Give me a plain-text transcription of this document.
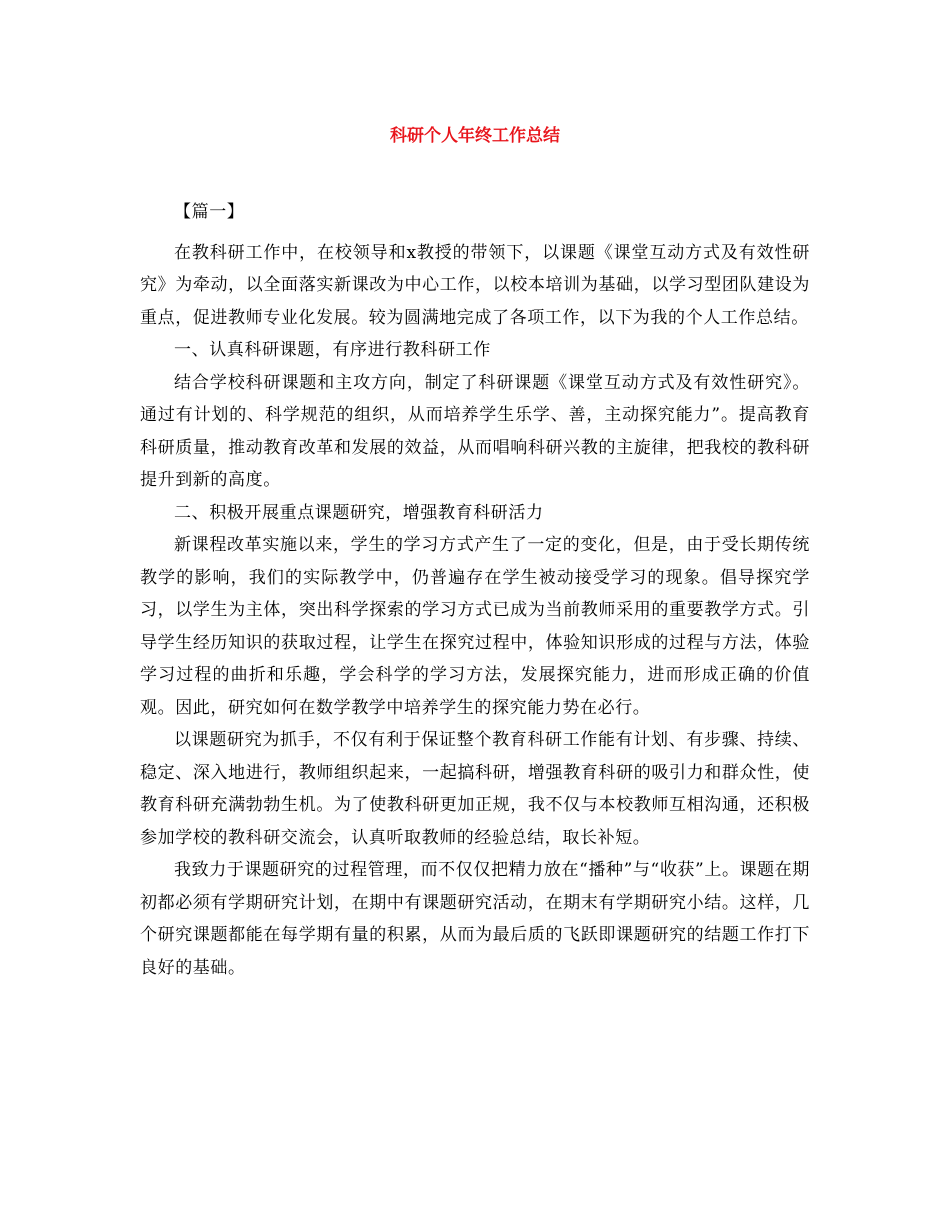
科研个人年终工作总结

【篇一】

在教科研工作中，在校领导和x教授的带领下，以课题《课堂互动方式及有效性研究》为牵动，以全面落实新课改为中心工作，以校本培训为基础，以学习型团队建设为重点，促进教师专业化发展。较为圆满地完成了各项工作，以下为我的个人工作总结。

一、认真科研课题，有序进行教科研工作

结合学校科研课题和主攻方向，制定了科研课题《课堂互动方式及有效性研究》。通过有计划的、科学规范的组织，从而培养学生乐学、善，主动探究能力”。提高教育科研质量，推动教育改革和发展的效益，从而唱响科研兴教的主旋律，把我校的教科研提升到新的高度。

二、积极开展重点课题研究，增强教育科研活力

新课程改革实施以来，学生的学习方式产生了一定的变化，但是，由于受长期传统教学的影响，我们的实际教学中，仍普遍存在学生被动接受学习的现象。倡导探究学习，以学生为主体，突出科学探索的学习方式已成为当前教师采用的重要教学方式。引导学生经历知识的获取过程，让学生在探究过程中，体验知识形成的过程与方法，体验学习过程的曲折和乐趣，学会科学的学习方法，发展探究能力，进而形成正确的价值观。因此，研究如何在数学教学中培养学生的探究能力势在必行。

以课题研究为抓手，不仅有利于保证整个教育科研工作能有计划、有步骤、持续、稳定、深入地进行，教师组织起来，一起搞科研，增强教育科研的吸引力和群众性，使教育科研充满勃勃生机。为了使教科研更加正规，我不仅与本校教师互相沟通，还积极参加学校的教科研交流会，认真听取教师的经验总结，取长补短。

我致力于课题研究的过程管理，而不仅仅把精力放在“播种”与“收获”上。课题在期初都必须有学期研究计划，在期中有课题研究活动，在期末有学期研究小结。这样，几个研究课题都能在每学期有量的积累，从而为最后质的飞跃即课题研究的结题工作打下良好的基础。
